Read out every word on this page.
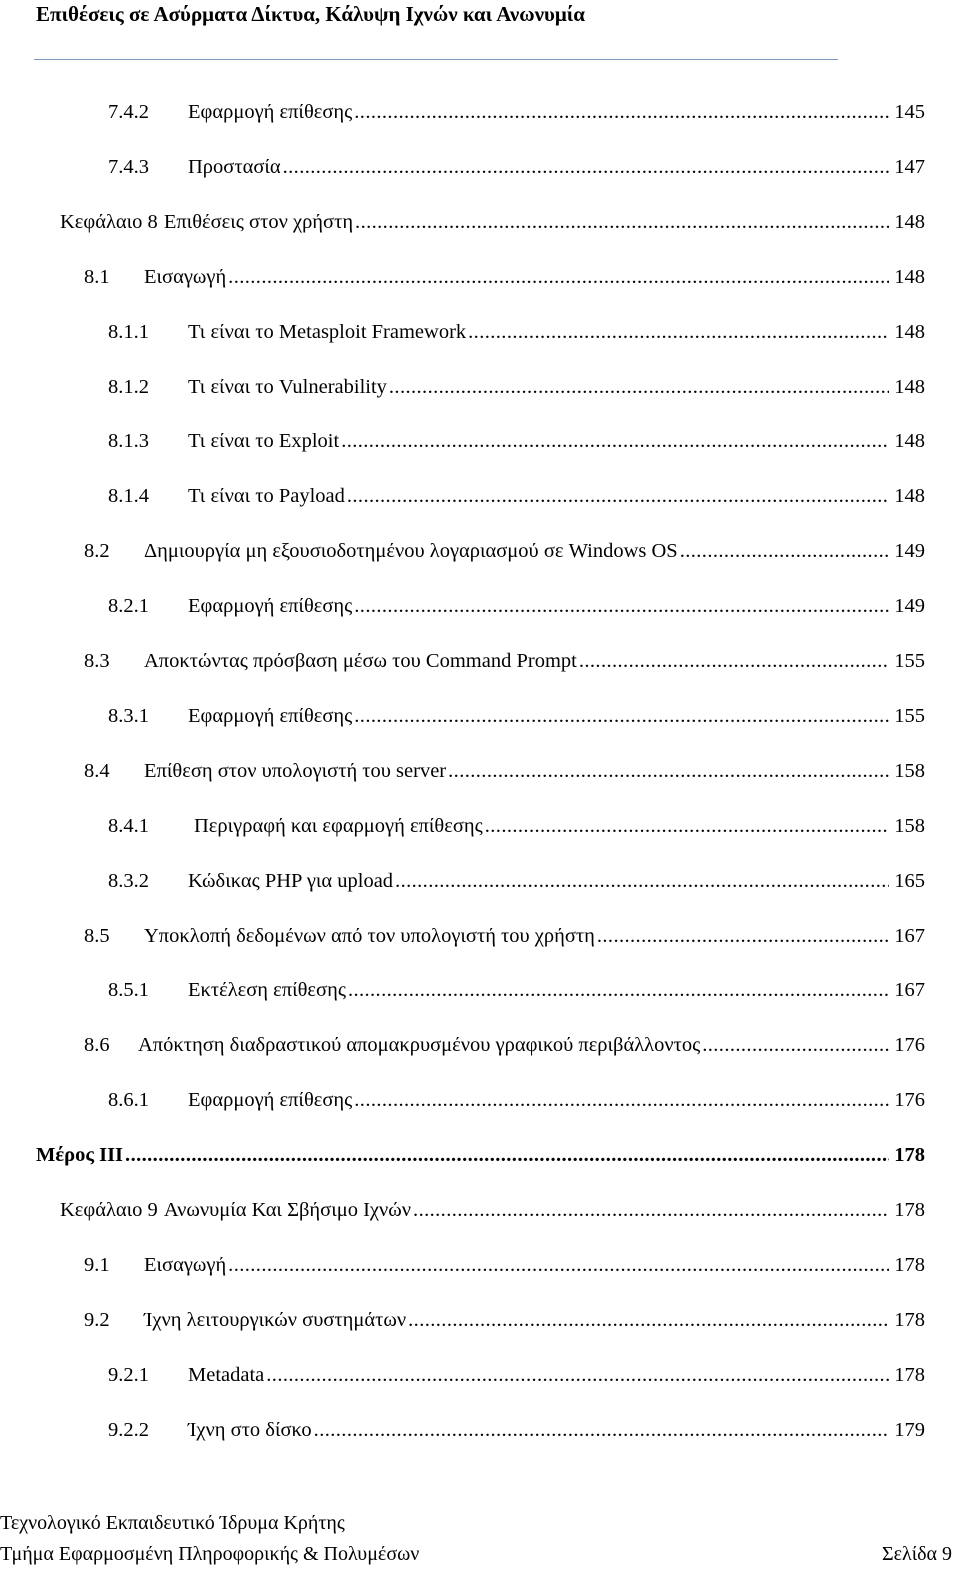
Επιθέσεις σε Ασύρματα Δίκτυα, Κάλυψη Ιχνών και Ανωνυμία
7.4.2	Εφαρμογή επίθεσης .....	145
7.4.3	Προστασία .....	147
Κεφάλαιο 8 Επιθέσεις στον χρήστη .....	148
8.1	Εισαγωγή .....	148
8.1.1	Τι είναι το Metasploit Framework .....	148
8.1.2	Τι είναι το Vulnerability .....	148
8.1.3	Τι είναι το Exploit .....	148
8.1.4	Τι είναι το Payload .....	148
8.2	Δημιουργία μη εξουσιοδοτημένου λογαριασμού σε Windows OS .....	149
8.2.1	Εφαρμογή επίθεσης .....	149
8.3	Αποκτώντας πρόσβαση μέσω του Command Prompt .....	155
8.3.1	Εφαρμογή επίθεσης .....	155
8.4	Επίθεση στον υπολογιστή του server .....	158
8.4.1	Περιγραφή και εφαρμογή επίθεσης .....	158
8.3.2	Κώδικας PHP για upload .....	165
8.5	Υποκλοπή δεδομένων από τον υπολογιστή του χρήστη .....	167
8.5.1	Εκτέλεση επίθεσης .....	167
8.6	Απόκτηση διαδραστικού απομακρυσμένου γραφικού περιβάλλοντος .....	176
8.6.1	Εφαρμογή επίθεσης .....	176
Μέρος ΙΙΙ .....	178
Κεφάλαιο 9 Ανωνυμία Και Σβήσιμο Ιχνών .....	178
9.1	Εισαγωγή .....	178
9.2	Ίχνη λειτουργικών συστημάτων .....	178
9.2.1	Metadata .....	178
9.2.2	Ίχνη στο δίσκο .....	179
Τεχνολογικό Εκπαιδευτικό Ίδρυμα Κρήτης
Τμήμα Εφαρμοσμένη Πληροφορικής & Πολυμέσων	Σελίδα 9
